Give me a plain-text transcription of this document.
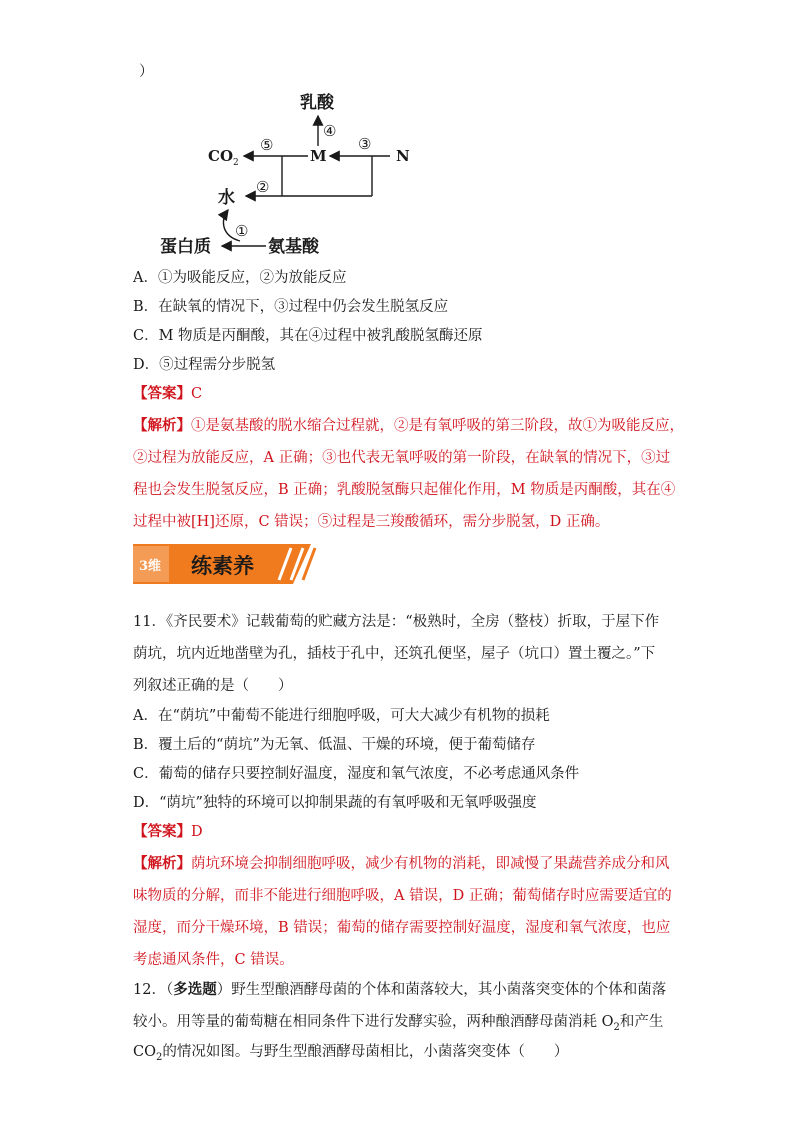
）
乳酸
④
CO 2
⑤
M
③
N
②
水
①
蛋白质	氨基酸
A．①为吸能反应，②为放能反应
B．在缺氧的情况下，③过程中仍会发生脱氢反应
C．M 物质是丙酮酸，其在④过程中被乳酸脱氢酶还原
D．⑤过程需分步脱氢
【答案】C
【解析】①是氨基酸的脱水缩合过程就，②是有氧呼吸的第三阶段，故①为吸能反应，
②过程为放能反应，A 正确；③也代表无氧呼吸的第一阶段，在缺氧的情况下，③过
程也会发生脱氢反应，B 正确；乳酸脱氢酶只起催化作用，M 物质是丙酮酸，其在④
过程中被[H]还原，C 错误；⑤过程是三羧酸循环，需分步脱氢，D 正确。
3维 练素养
11．《齐民要术》记载葡萄的贮藏方法是：“极熟时，全房（整枝）折取，于屋下作
荫坑，坑内近地凿壁为孔，插枝于孔中，还筑孔便坚，屋子（坑口）置土覆之。”下
列叙述正确的是（　　）
A．在“荫坑”中葡萄不能进行细胞呼吸，可大大减少有机物的损耗
B．覆土后的“荫坑”为无氧、低温、干燥的环境，便于葡萄储存
C．葡萄的储存只要控制好温度，湿度和氧气浓度，不必考虑通风条件
D．“荫坑”独特的环境可以抑制果蔬的有氧呼吸和无氧呼吸强度
【答案】D
【解析】荫坑环境会抑制细胞呼吸，减少有机物的消耗，即减慢了果蔬营养成分和风
味物质的分解，而非不能进行细胞呼吸，A 错误，D 正确；葡萄储存时应需要适宜的
湿度，而分干燥环境，B 错误；葡萄的储存需要控制好温度，湿度和氧气浓度，也应
考虑通风条件，C 错误。
12．（多选题）野生型酿酒酵母菌的个体和菌落较大，其小菌落突变体的个体和菌落
较小。用等量的葡萄糖在相同条件下进行发酵实验，两种酿酒酵母菌消耗 $O_2$和产生
$CO_2$的情况如图。与野生型酿酒酵母菌相比，小菌落突变体（　　）
